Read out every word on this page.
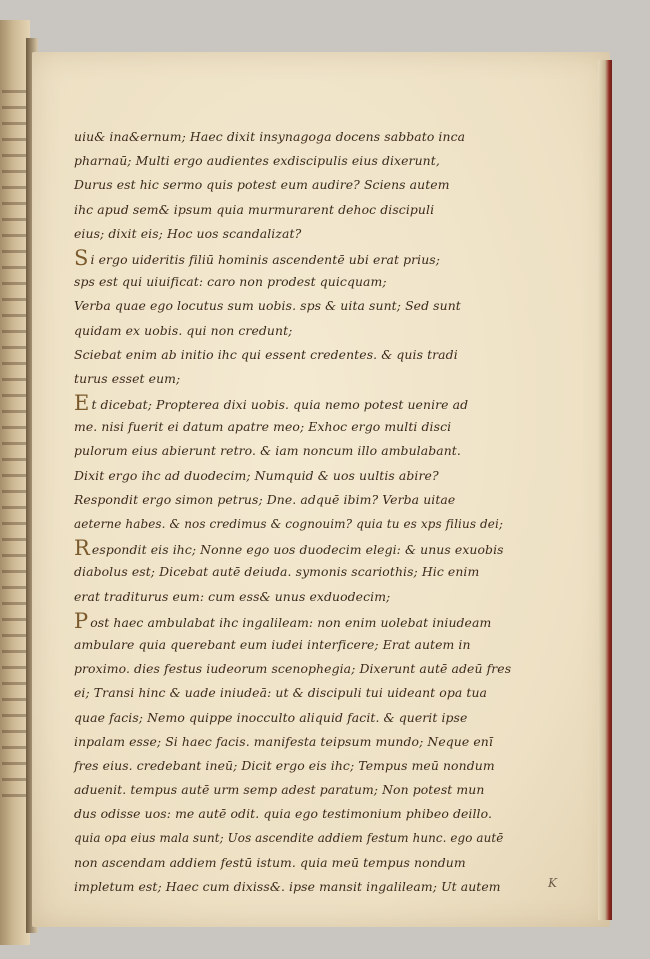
uiu& ina&ernum; Haec dixit insynagoga docens sabbato inca
pharnaū; Multi ergo audientes exdiscipulis eius dixerunt,
Durus est hic sermo quis potest eum audire? Sciens autem
ihc apud sem& ipsum quia murmurarent dehoc discipuli
eius; dixit eis; Hoc uos scandalizat?
Si ergo uideritis filiū hominis ascendentē ubi erat prius;
sps est qui uiuificat: caro non prodest quicquam;
Verba quae ego locutus sum uobis. sps & uita sunt; Sed sunt
quidam ex uobis. qui non credunt;
Sciebat enim ab initio ihc qui essent credentes. & quis tradi
turus esset eum;
Et dicebat; Propterea dixi uobis. quia nemo potest uenire ad
me. nisi fuerit ei datum apatre meo; Exhoc ergo multi disci
pulorum eius abierunt retro. & iam noncum illo ambulabant.
Dixit ergo ihc ad duodecim; Numquid & uos uultis abire?
Respondit ergo simon petrus; Dne. adquē ibim? Verba uitae
aeterne habes. & nos credimus & cognouim? quia tu es xps filius dei;
Respondit eis ihc; Nonne ego uos duodecim elegi: & unus exuobis
diabolus est; Dicebat autē deiuda. symonis scariothis; Hic enim
erat traditurus eum: cum ess& unus exduodecim;
Post haec ambulabat ihc ingalileam: non enim uolebat iniudeam
ambulare quia querebant eum iudei interficere; Erat autem in
proximo. dies festus iudeorum scenophegia; Dixerunt autē adeū fres
ei; Transi hinc & uade iniudeā: ut & discipuli tui uideant opa tua
quae facis; Nemo quippe inocculto aliquid facit. & querit ipse
inpalam esse; Si haec facis. manifesta teipsum mundo; Neque enī
fres eius. credebant ineū; Dicit ergo eis ihc; Tempus meū nondum
aduenit. tempus autē urm semp adest paratum; Non potest mun
dus odisse uos: me autē odit. quia ego testimonium phibeo deillo.
quia opa eius mala sunt; Uos ascendite addiem festum hunc. ego autē
non ascendam addiem festū istum. quia meū tempus nondum
impletum est; Haec cum dixiss&. ipse mansit ingalileam; Ut autem	K
